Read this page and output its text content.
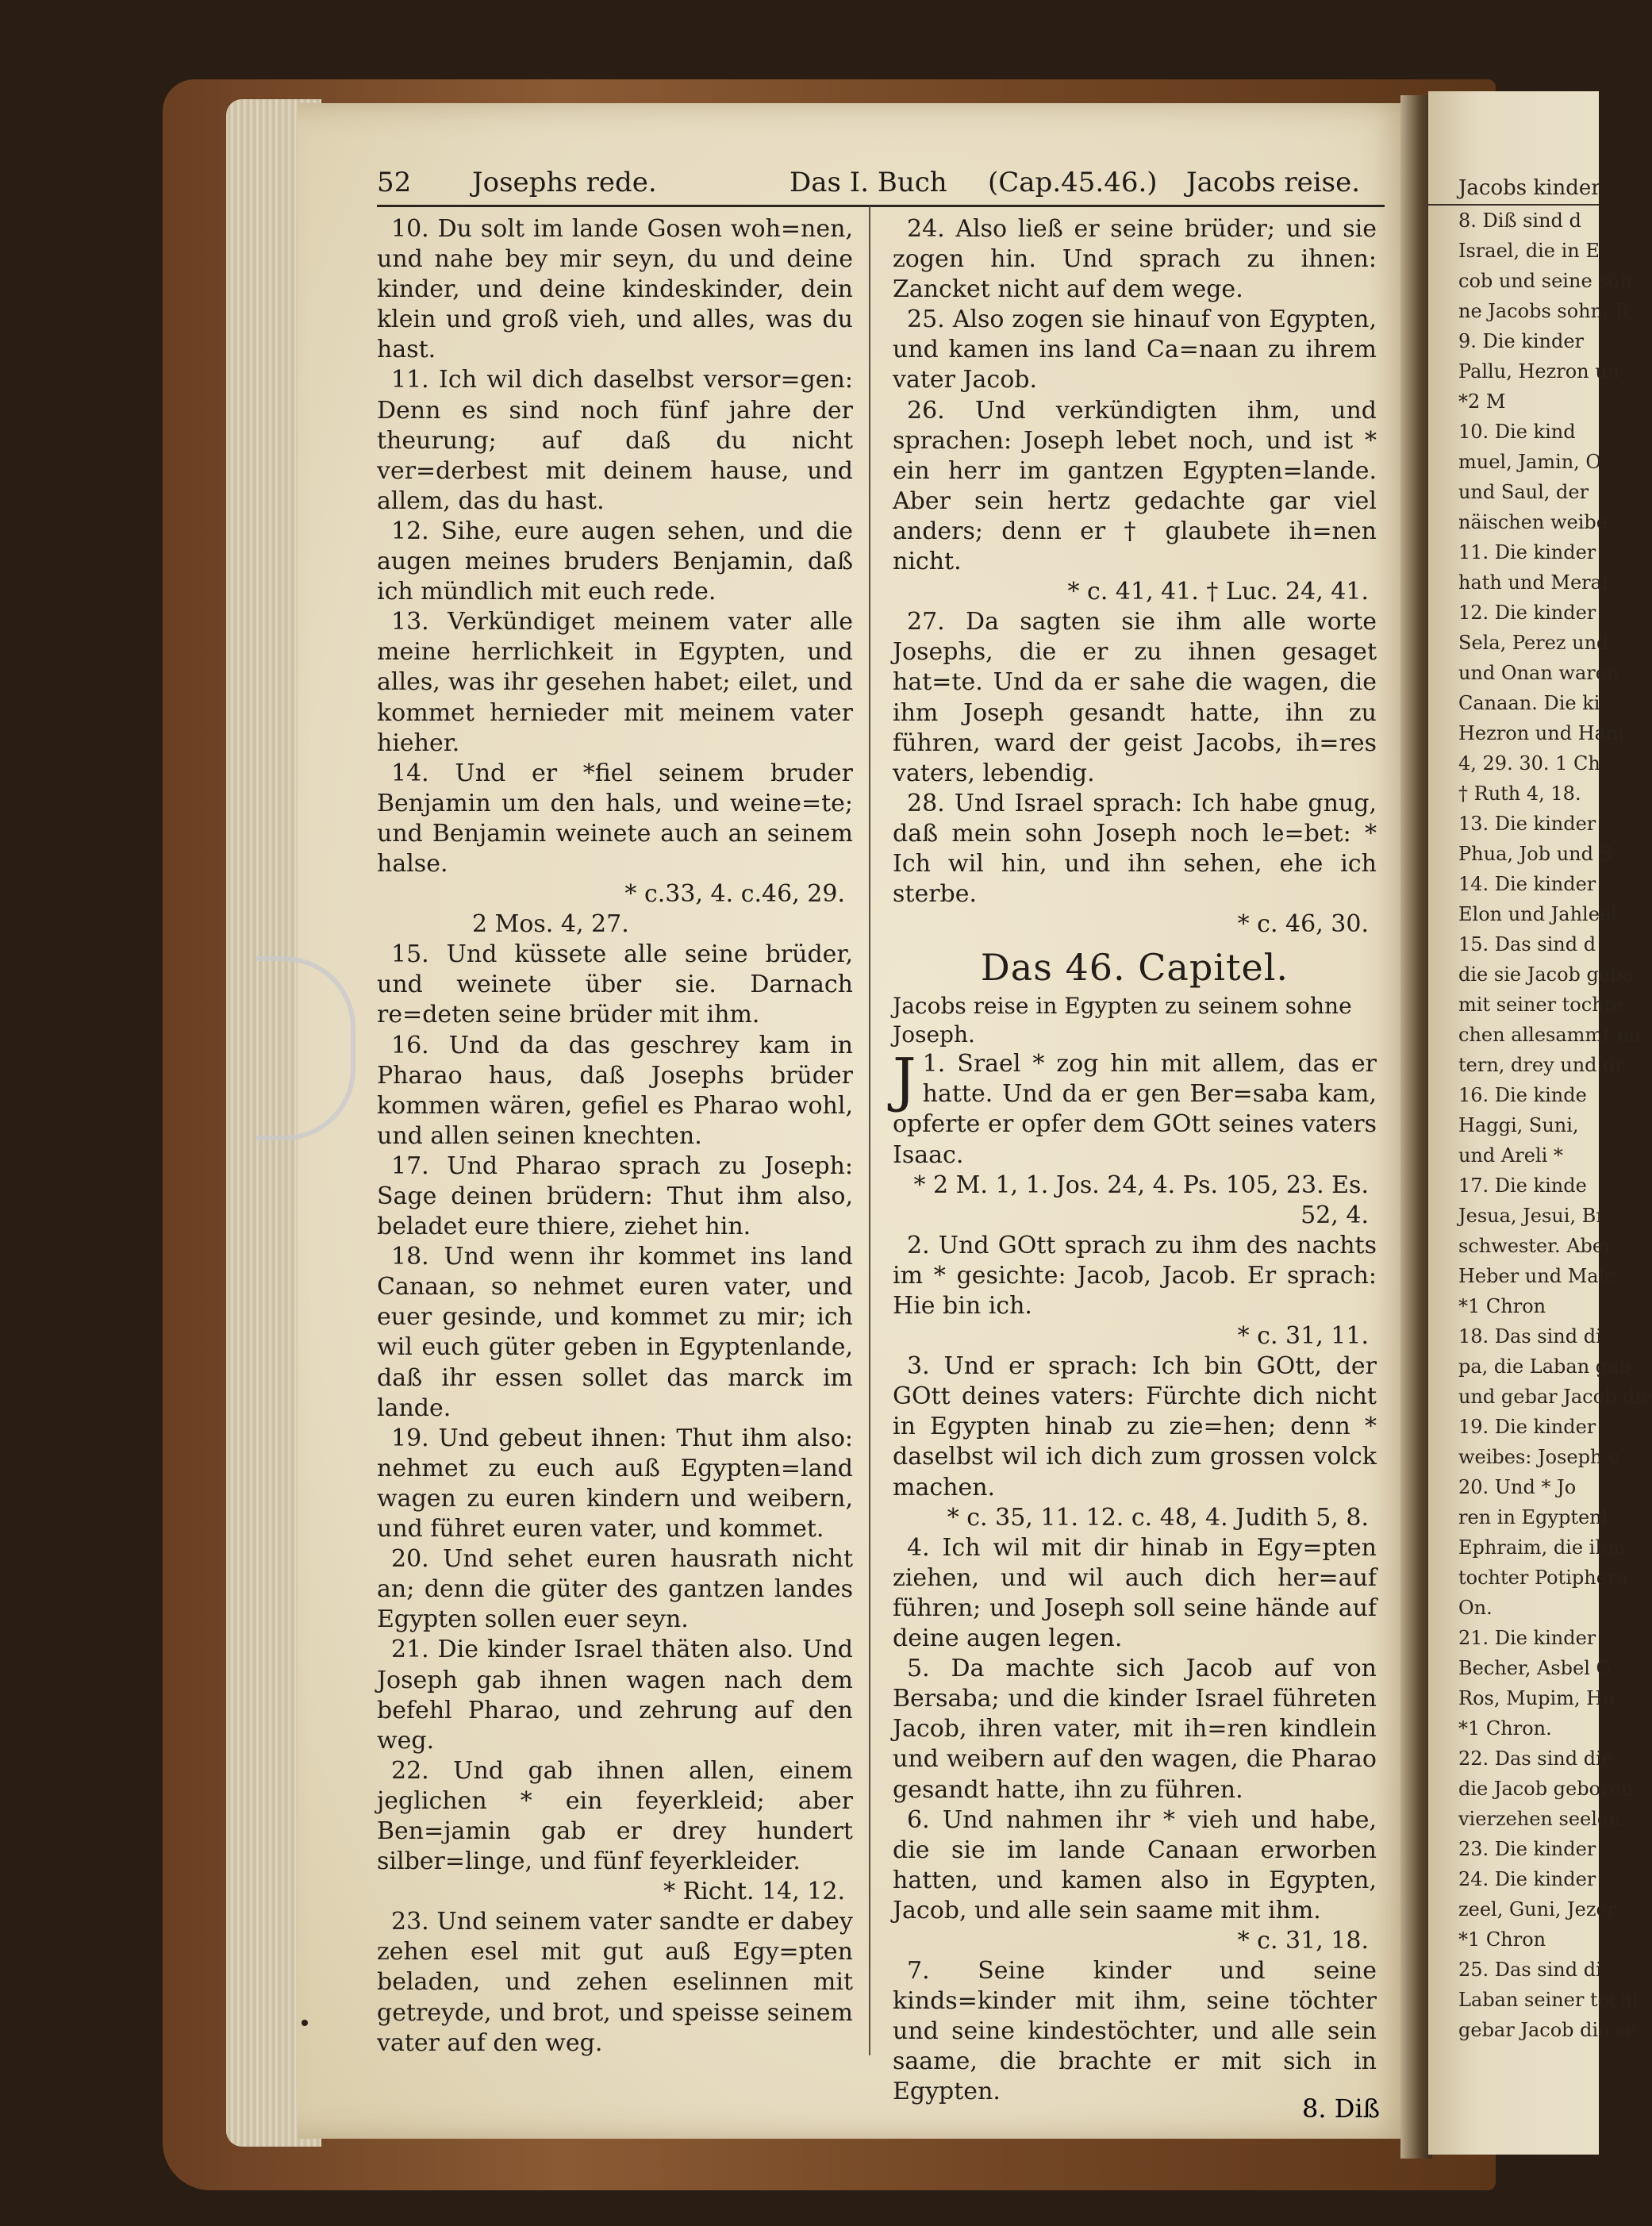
52 Josephs rede.	Das I. Buch (Cap.45.46.) Jacobs reise.

10. Du solt im lande Gosen woh=nen, und nahe bey mir seyn, du und deine kinder, und deine kindeskinder, dein klein und groß vieh, und alles, was du hast.

11. Ich wil dich daselbst versor=gen: Denn es sind noch fünf jahre der theurung; auf daß du nicht ver=derbest mit deinem hause, und allem, das du hast.

12. Sihe, eure augen sehen, und die augen meines bruders Benjamin, daß ich mündlich mit euch rede.

13. Verkündiget meinem vater alle meine herrlichkeit in Egypten, und alles, was ihr gesehen habet; eilet, und kommet hernieder mit meinem vater hieher.

14. Und er *fiel seinem bruder Benjamin um den hals, und weine=te; und Benjamin weinete auch an seinem halse.

* c.33, 4. c.46, 29.

2 Mos. 4, 27.

15. Und küssete alle seine brüder, und weinete über sie. Darnach re=deten seine brüder mit ihm.

16. Und da das geschrey kam in Pharao haus, daß Josephs brüder kommen wären, gefiel es Pharao wohl, und allen seinen knechten.

17. Und Pharao sprach zu Joseph: Sage deinen brüdern: Thut ihm also, beladet eure thiere, ziehet hin.

18. Und wenn ihr kommet ins land Canaan, so nehmet euren vater, und euer gesinde, und kommet zu mir; ich wil euch güter geben in Egyptenlande, daß ihr essen sollet das marck im lande.

19. Und gebeut ihnen: Thut ihm also: nehmet zu euch auß Egypten=land wagen zu euren kindern und weibern, und führet euren vater, und kommet.

20. Und sehet euren hausrath nicht an; denn die güter des gantzen landes Egypten sollen euer seyn.

21. Die kinder Israel thäten also. Und Joseph gab ihnen wagen nach dem befehl Pharao, und zehrung auf den weg.

22. Und gab ihnen allen, einem jeglichen * ein feyerkleid; aber Ben=jamin gab er drey hundert silber=linge, und fünf feyerkleider.

* Richt. 14, 12.

23. Und seinem vater sandte er dabey zehen esel mit gut auß Egy=pten beladen, und zehen eselinnen mit getreyde, und brot, und speisse seinem vater auf den weg.

24. Also ließ er seine brüder; und sie zogen hin. Und sprach zu ihnen: Zancket nicht auf dem wege.

25. Also zogen sie hinauf von Egypten, und kamen ins land Ca=naan zu ihrem vater Jacob.

26. Und verkündigten ihm, und sprachen: Joseph lebet noch, und ist * ein herr im gantzen Egypten=lande. Aber sein hertz gedachte gar viel anders; denn er † glaubete ih=nen nicht.

* c. 41, 41. † Luc. 24, 41.

27. Da sagten sie ihm alle worte Josephs, die er zu ihnen gesaget hat=te. Und da er sahe die wagen, die ihm Joseph gesandt hatte, ihn zu führen, ward der geist Jacobs, ih=res vaters, lebendig.

28. Und Israel sprach: Ich habe gnug, daß mein sohn Joseph noch le=bet: * Ich wil hin, und ihn sehen, ehe ich sterbe.

* c. 46, 30.

Das 46. Capitel.

Jacobs reise in Egypten zu seinem sohne Joseph.

1.
J Srael * zog hin mit allem, das er hatte. Und da er gen Ber=saba kam, opferte er opfer dem GOtt seines vaters Isaac.

* 2 M. 1, 1. Jos. 24, 4. Ps. 105, 23. Es. 52, 4.

2. Und GOtt sprach zu ihm des nachts im * gesichte: Jacob, Jacob. Er sprach: Hie bin ich.

* c. 31, 11.

3. Und er sprach: Ich bin GOtt, der GOtt deines vaters: Fürchte dich nicht in Egypten hinab zu zie=hen; denn * daselbst wil ich dich zum grossen volck machen.

* c. 35, 11. 12. c. 48, 4. Judith 5, 8.

4. Ich wil mit dir hinab in Egy=pten ziehen, und wil auch dich her=auf führen; und Joseph soll seine hände auf deine augen legen.

5. Da machte sich Jacob auf von Bersaba; und die kinder Israel führeten Jacob, ihren vater, mit ih=ren kindlein und weibern auf den wagen, die Pharao gesandt hatte, ihn zu führen.

6. Und nahmen ihr * vieh und habe, die sie im lande Canaan erworben hatten, und kamen also in Egypten, Jacob, und alle sein saame mit ihm.

* c. 31, 18.

7. Seine kinder und seine kinds=kinder mit ihm, seine töchter und seine kindestöchter, und alle sein saame, die brachte er mit sich in Egypten.

8. Diß
Jacobs kinder
8. Diß sind d
Israel, die in E
cob und seine söh
ne Jacobs sohn, R
9. Die kinder
Pallu, Hezron un
*2 M
10. Die kind
muel, Jamin, O
und Saul, der
näischen weibe.
11. Die kinder
hath und Merar
12. Die kinder
Sela, Perez und
und Onan waren
Canaan. Die ki
Hezron und Ham
4, 29. 30. 1 Ch
† Ruth 4, 18.
13. Die kinder
Phua, Job und S
14. Die kinder
Elon und Jahleel.
15. Das sind d
die sie Jacob geba
mit seiner tochte
chen allesammt mi
tern, drey und dr
16. Die kinde
Haggi, Suni,
und Areli *
17. Die kinde
Jesua, Jesui, Br
schwester. Aber
Heber und Malc
*1 Chron
18. Das sind di
pa, die Laban gab
und gebar Jacob die
19. Die kinder
weibes: Joseph u
20. Und * Jo
ren in Egyptenl
Ephraim, die ihm
tochter Potiphera
On.
21. Die kinder
Becher, Asbel G
Ros, Mupim, Hu
*1 Chron.
22. Das sind die
die Jacob geboren
vierzehen seelen.
23. Die kinder
24. Die kinder
zeel, Guni, Jezer
*1 Chron
25. Das sind di
Laban seiner tocht
gebar Jacob die se
